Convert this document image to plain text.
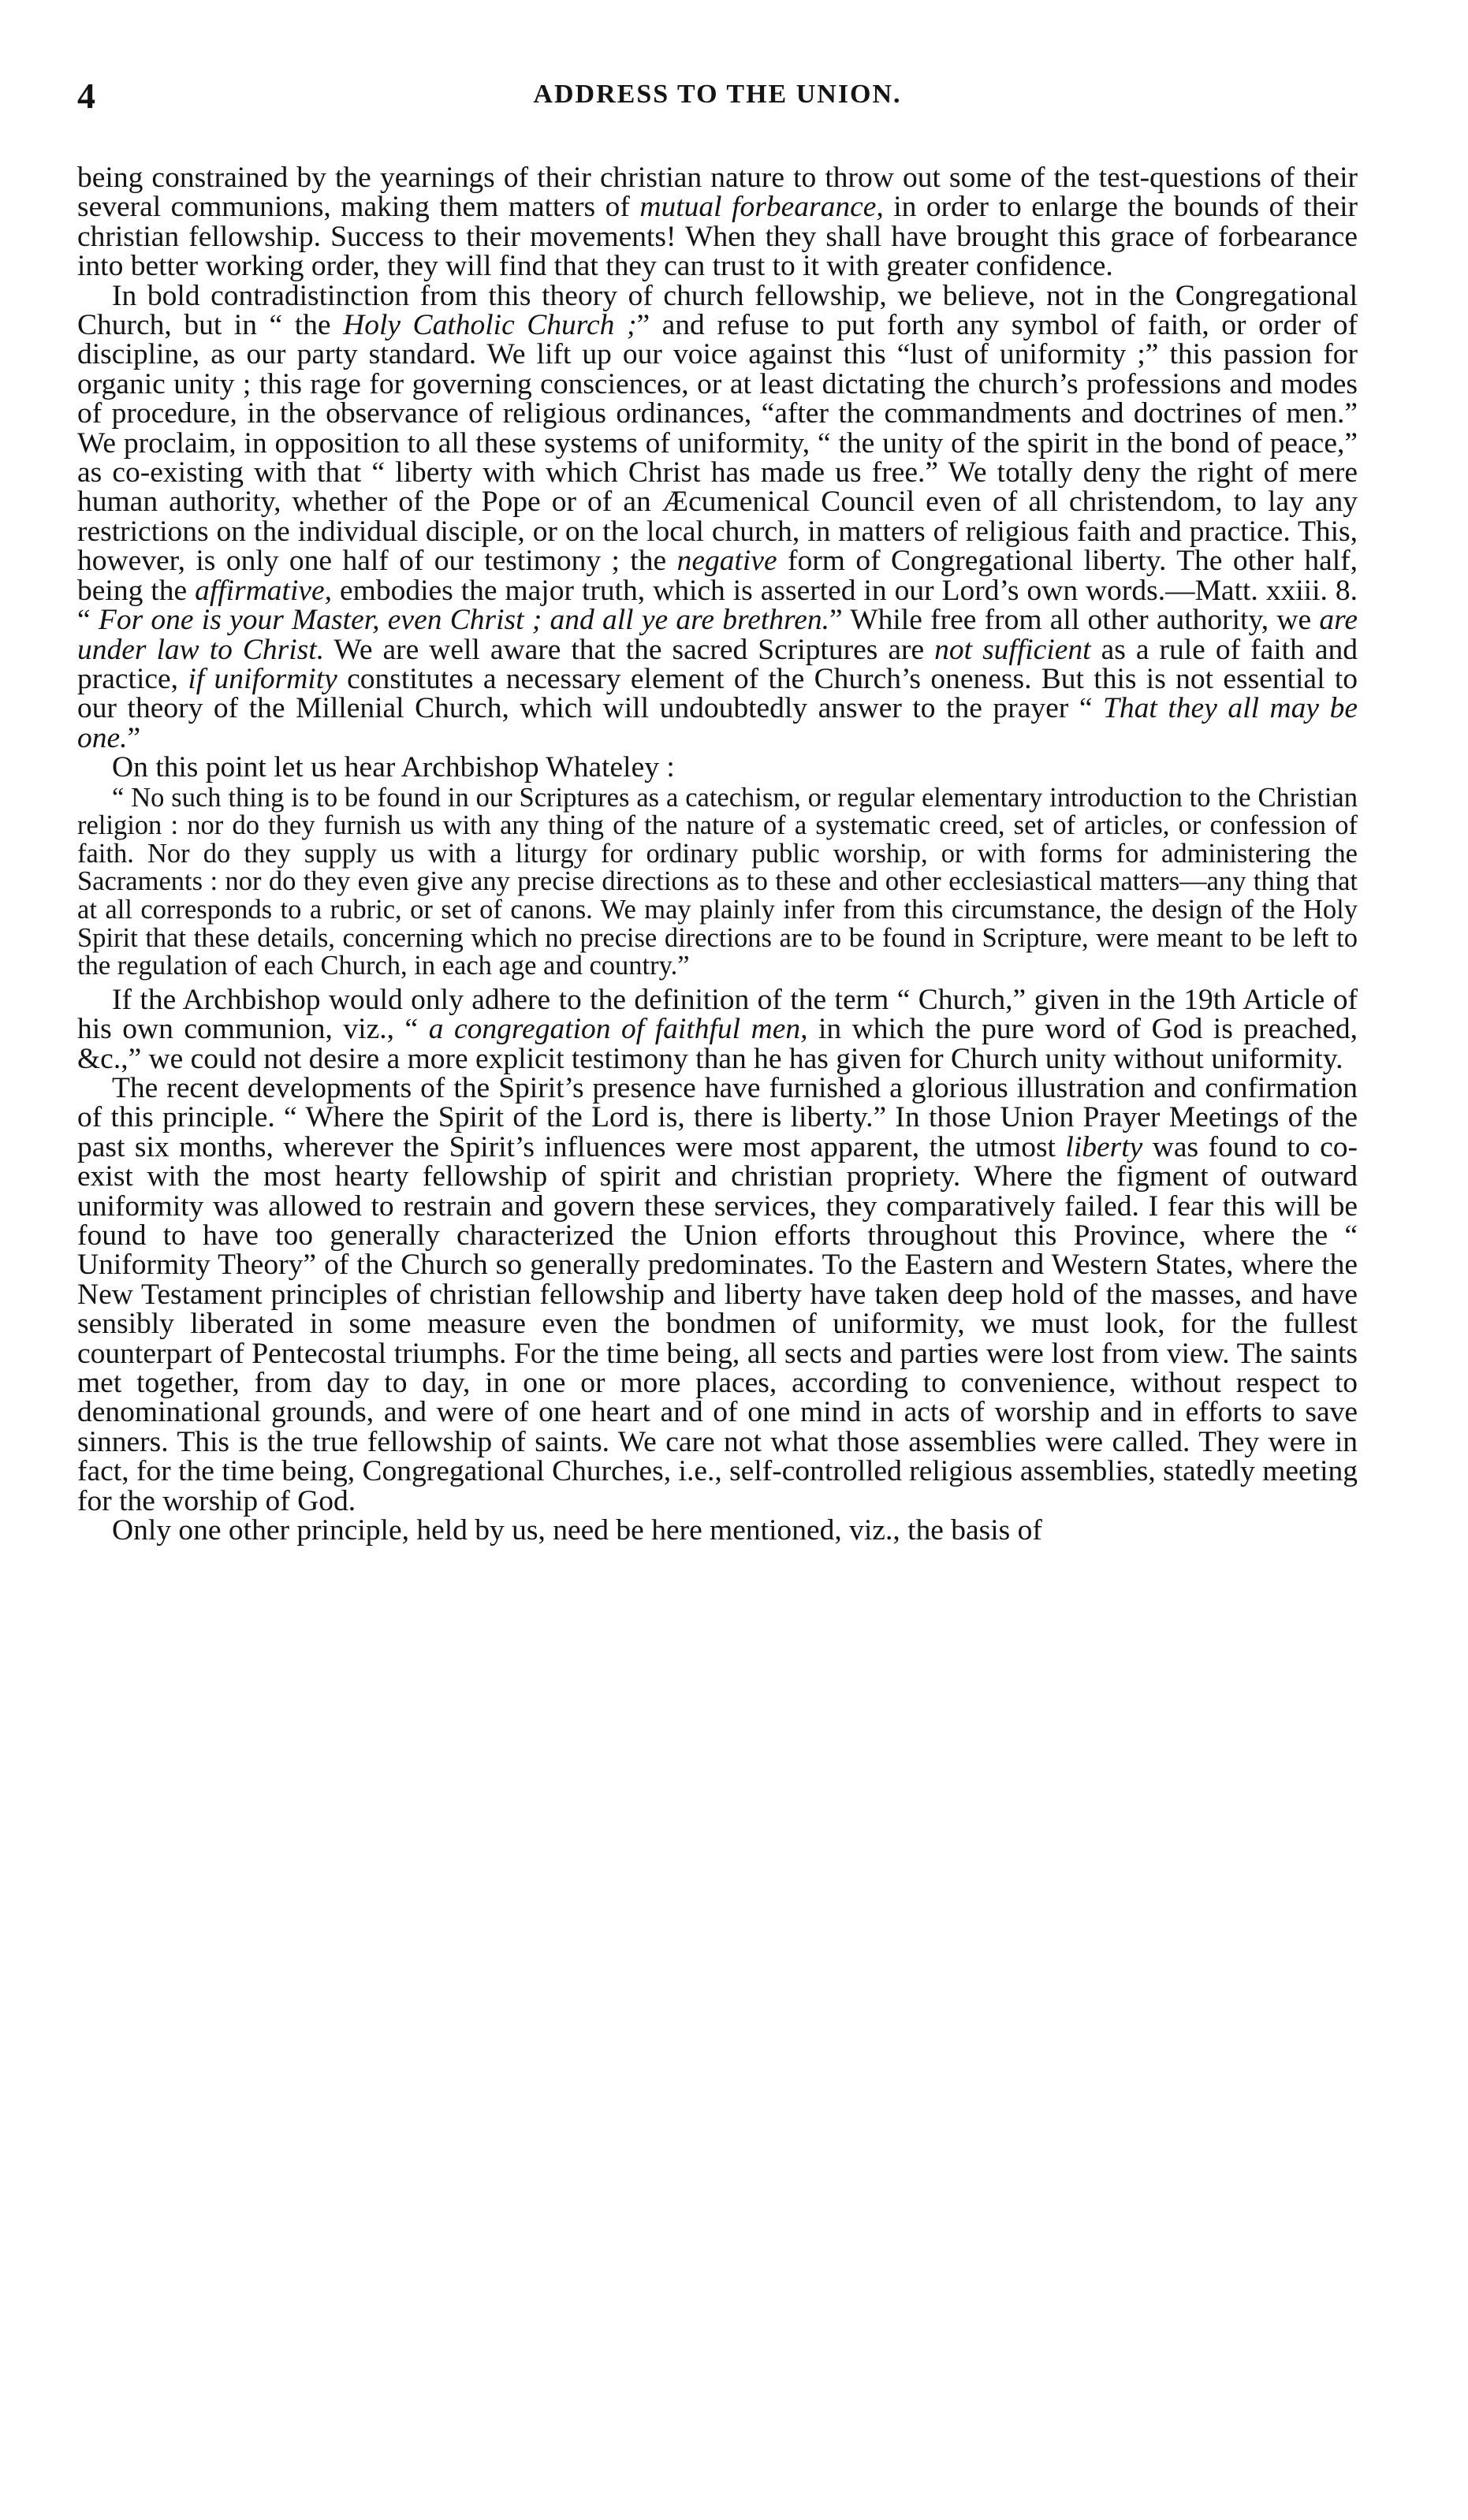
4	ADDRESS TO THE UNION.

being constrained by the yearnings of their christian nature to throw out some of the test-questions of their several communions, making them matters of mutual forbearance, in order to enlarge the bounds of their christian fellowship. Success to their movements! When they shall have brought this grace of forbearance into better working order, they will find that they can trust to it with greater confidence.

In bold contradistinction from this theory of church fellowship, we believe, not in the Congregational Church, but in “ the Holy Catholic Church ;” and refuse to put forth any symbol of faith, or order of discipline, as our party standard. We lift up our voice against this “lust of uniformity ;” this passion for organic unity ; this rage for governing consciences, or at least dictating the church’s professions and modes of procedure, in the observance of religious ordinances, “after the commandments and doctrines of men.” We proclaim, in opposition to all these systems of uniformity, “ the unity of the spirit in the bond of peace,” as co-existing with that “ liberty with which Christ has made us free.” We totally deny the right of mere human authority, whether of the Pope or of an Æcumenical Council even of all christendom, to lay any restrictions on the individual disciple, or on the local church, in matters of religious faith and practice. This, however, is only one half of our testimony ; the negative form of Congregational liberty. The other half, being the affirmative, embodies the major truth, which is asserted in our Lord’s own words.—Matt. xxiii. 8. “ For one is your Master, even Christ ; and all ye are brethren.” While free from all other authority, we are under law to Christ. We are well aware that the sacred Scriptures are not sufficient as a rule of faith and practice, if uniformity constitutes a necessary element of the Church’s oneness. But this is not essential to our theory of the Millenial Church, which will undoubtedly answer to the prayer “ That they all may be one.”

On this point let us hear Archbishop Whateley :

“ No such thing is to be found in our Scriptures as a catechism, or regular elementary introduction to the Christian religion : nor do they furnish us with any thing of the nature of a systematic creed, set of articles, or confession of faith. Nor do they supply us with a liturgy for ordinary public worship, or with forms for administering the Sacraments : nor do they even give any precise directions as to these and other ecclesiastical matters—any thing that at all corresponds to a rubric, or set of canons. We may plainly infer from this circumstance, the design of the Holy Spirit that these details, concerning which no precise directions are to be found in Scripture, were meant to be left to the regulation of each Church, in each age and country.”

If the Archbishop would only adhere to the definition of the term “ Church,” given in the 19th Article of his own communion, viz., “ a congregation of faithful men, in which the pure word of God is preached, &c.,” we could not desire a more explicit testimony than he has given for Church unity without uniformity.

The recent developments of the Spirit’s presence have furnished a glorious illustration and confirmation of this principle. “ Where the Spirit of the Lord is, there is liberty.” In those Union Prayer Meetings of the past six months, wherever the Spirit’s influences were most apparent, the utmost liberty was found to co-exist with the most hearty fellowship of spirit and christian propriety. Where the figment of outward uniformity was allowed to restrain and govern these services, they comparatively failed. I fear this will be found to have too generally characterized the Union efforts throughout this Province, where the “ Uniformity Theory” of the Church so generally predominates. To the Eastern and Western States, where the New Testament principles of christian fellowship and liberty have taken deep hold of the masses, and have sensibly liberated in some measure even the bondmen of uniformity, we must look, for the fullest counterpart of Pentecostal triumphs. For the time being, all sects and parties were lost from view. The saints met together, from day to day, in one or more places, according to convenience, without respect to denominational grounds, and were of one heart and of one mind in acts of worship and in efforts to save sinners. This is the true fellowship of saints. We care not what those assemblies were called. They were in fact, for the time being, Congregational Churches, i.e., self-controlled religious assemblies, statedly meeting for the worship of God.

Only one other principle, held by us, need be here mentioned, viz., the basis of
